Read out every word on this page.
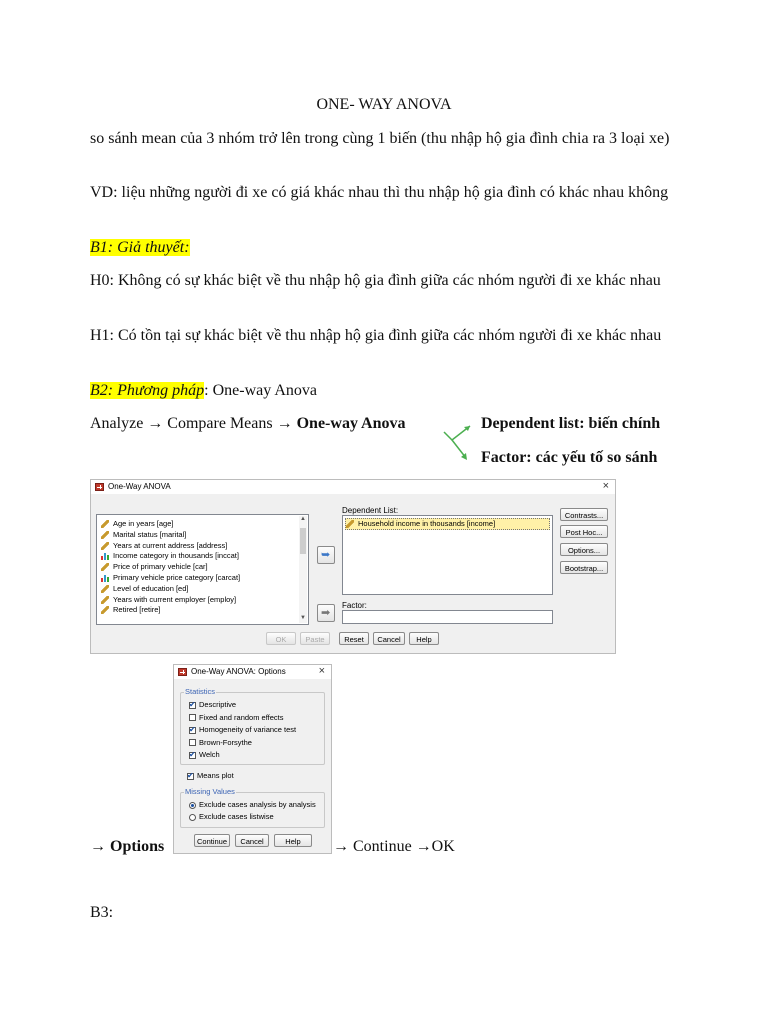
ONE- WAY ANOVA
so sánh mean của 3 nhóm trở lên trong cùng 1 biến (thu nhập hộ gia đình chia ra 3 loại xe)
VD: liệu những người đi xe có giá khác nhau thì thu nhập hộ gia đình có khác nhau không
B1: Giả thuyết:
H0: Không có sự khác biệt về thu nhập hộ gia đình giữa các nhóm người đi xe khác nhau
H1: Có tồn tại sự khác biệt về thu nhập hộ gia đình giữa các nhóm người đi xe khác nhau
B2: Phương pháp: One-way Anova
Analyze → Compare Means → One-way Anova	Dependent list: biến chính
Factor: các yếu tố so sánh
One-Way ANOVA	×
Age in years [age]
Marital status [marital]
Years at current address [address]
Income category in thousands [inccat]
Price of primary vehicle [car]
Primary vehicle price category [carcat]
Level of education [ed]
Years with current employer [employ]
Retired [retire]
▲
▼
➥
➡
Dependent List:
Household income in thousands [income]
Factor:
Contrasts...
Post Hoc...
Options...
Bootstrap...
OK	Paste	Reset	Cancel	Help
One-Way ANOVA: Options	×
Statistics
✔Descriptive
Fixed and random effects
✔Homogeneity of variance test
Brown-Forsythe
✔Welch
✔Means plot
Missing Values
Exclude cases analysis by analysis
Exclude cases listwise
Continue	Cancel	Help
→ Options	→ Continue →OK
B3:
